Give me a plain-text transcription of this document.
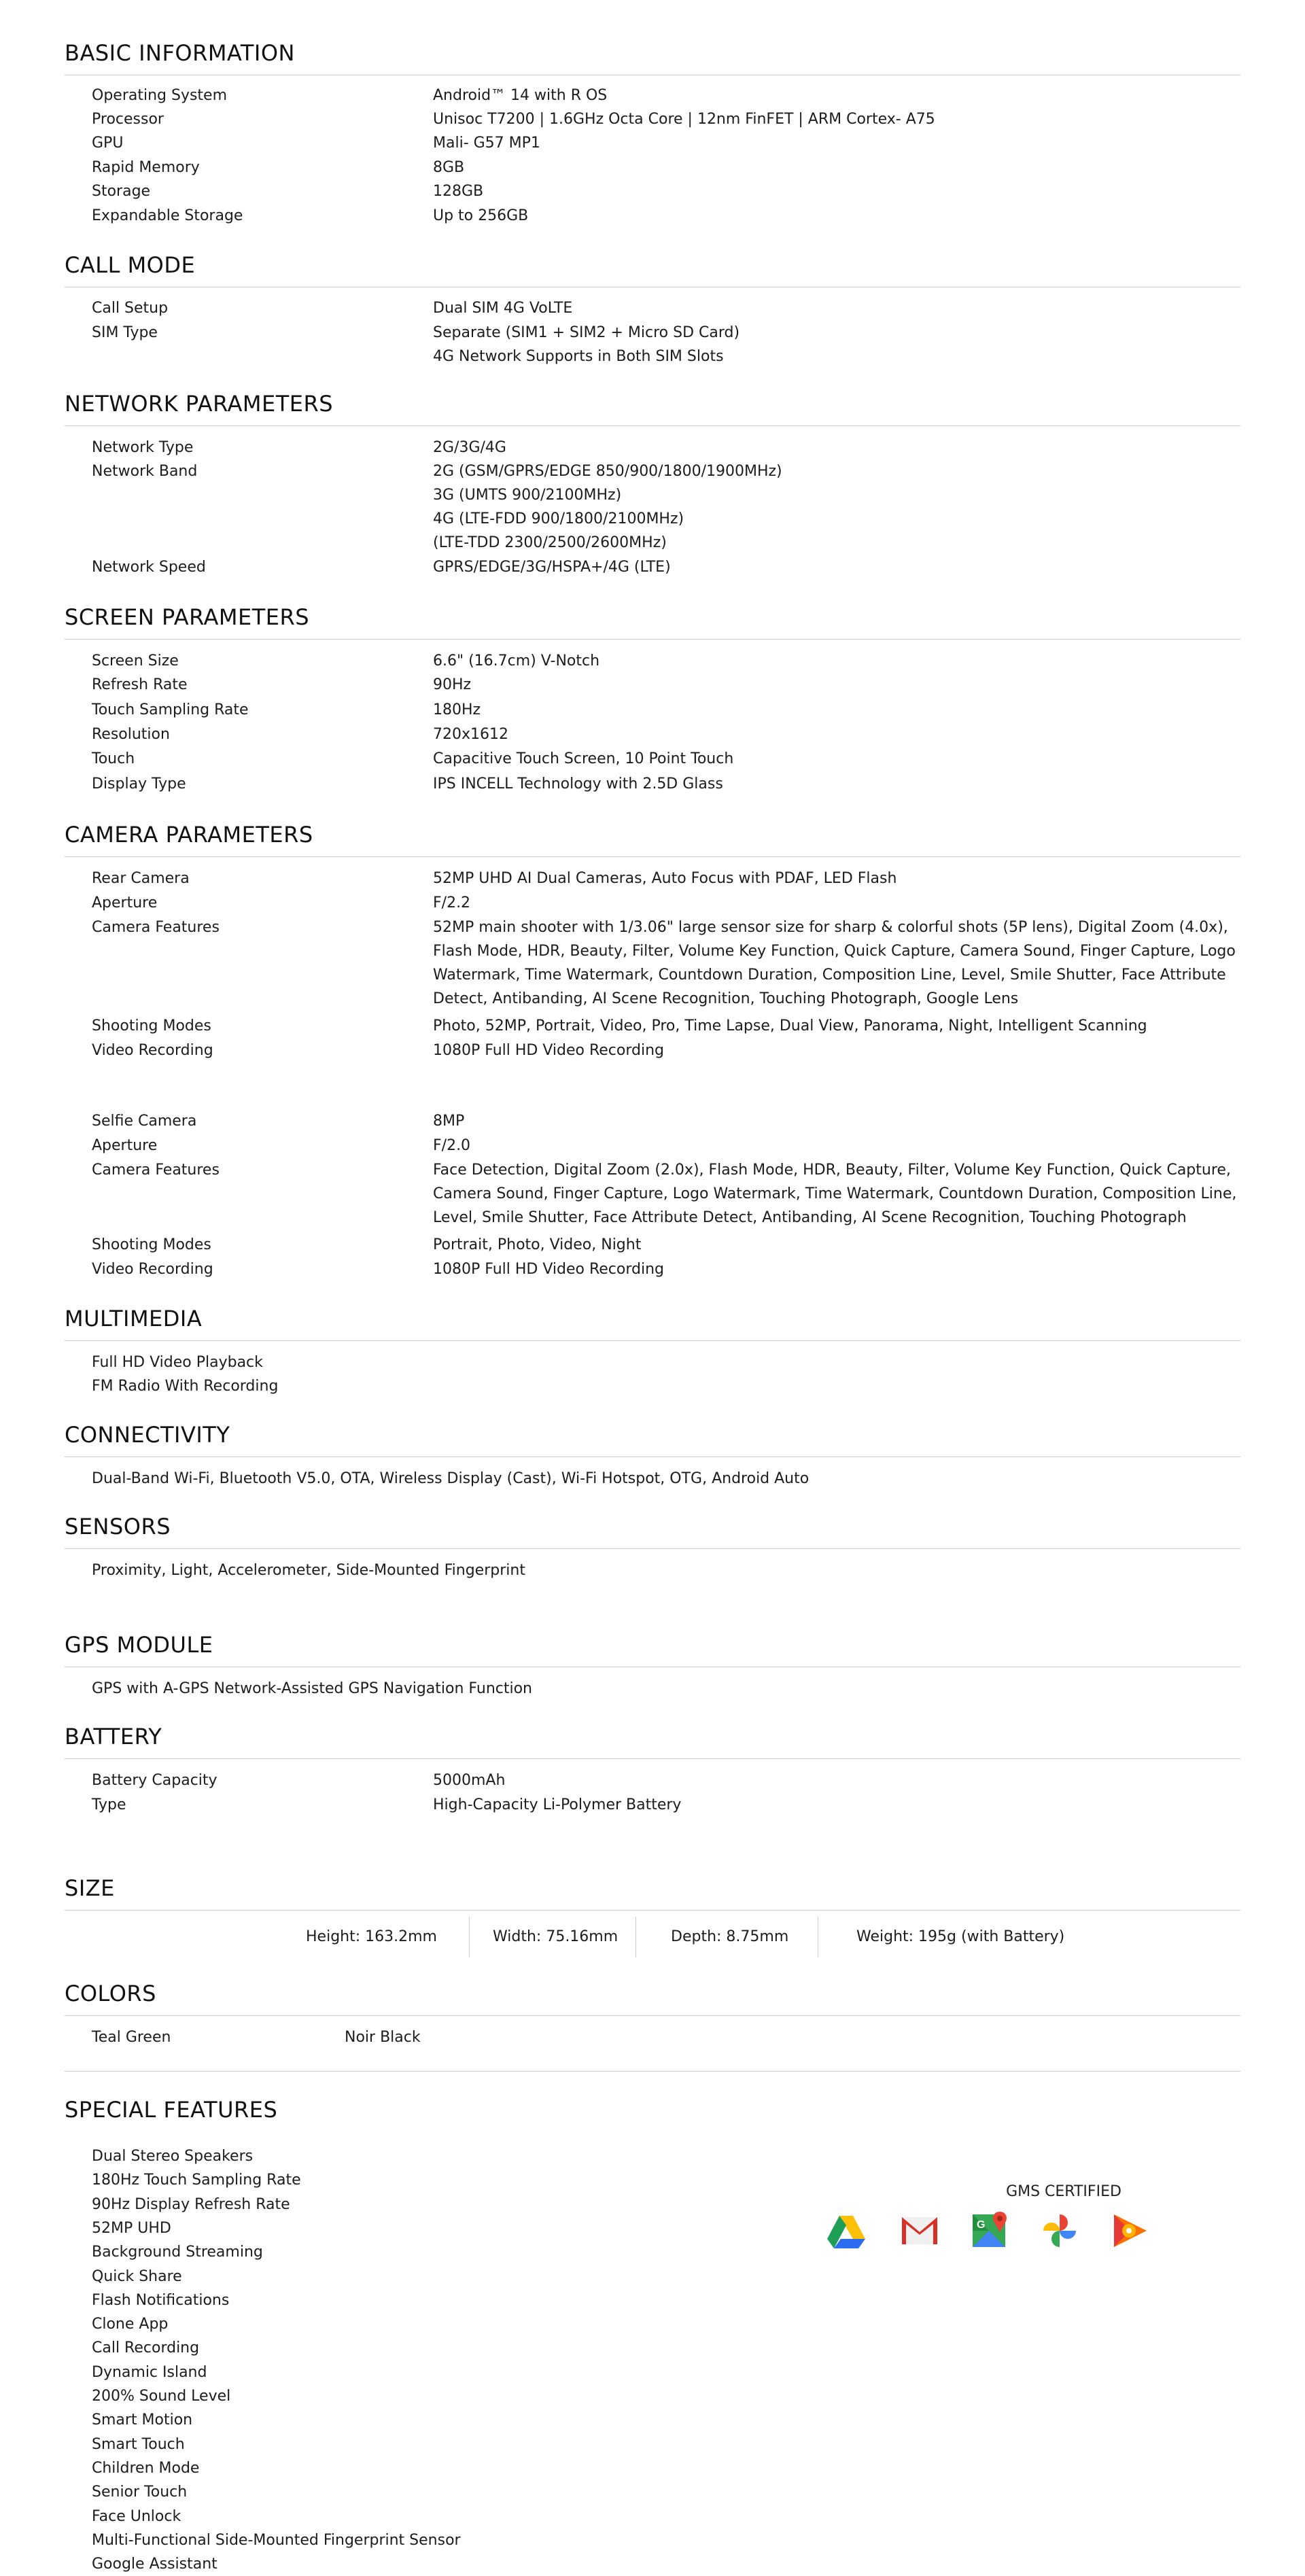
BASIC INFORMATION
Operating System	Android™ 14 with R OS
Processor	Unisoc T7200 | 1.6GHz Octa Core | 12nm FinFET | ARM Cortex- A75
GPU	Mali- G57 MP1
Rapid Memory	8GB
Storage	128GB
Expandable Storage	Up to 256GB
CALL MODE
Call Setup	Dual SIM 4G VoLTE
SIM Type	Separate (SIM1 + SIM2 + Micro SD Card)
4G Network Supports in Both SIM Slots
NETWORK PARAMETERS
Network Type	2G/3G/4G
Network Band	2G (GSM/GPRS/EDGE 850/900/1800/1900MHz)
3G (UMTS 900/2100MHz)
4G (LTE-FDD 900/1800/2100MHz)
(LTE-TDD 2300/2500/2600MHz)
Network Speed	GPRS/EDGE/3G/HSPA+/4G (LTE)
SCREEN PARAMETERS
Screen Size	6.6" (16.7cm) V-Notch
Refresh Rate	90Hz
Touch Sampling Rate	180Hz
Resolution	720x1612
Touch	Capacitive Touch Screen, 10 Point Touch
Display Type	IPS INCELL Technology with 2.5D Glass
CAMERA PARAMETERS
Rear Camera	52MP UHD AI Dual Cameras, Auto Focus with PDAF, LED Flash
Aperture	F/2.2
Camera Features	52MP main shooter with 1/3.06" large sensor size for sharp & colorful shots (5P lens), Digital Zoom (4.0x), Flash Mode, HDR, Beauty, Filter, Volume Key Function, Quick Capture, Camera Sound, Finger Capture, Logo Watermark, Time Watermark, Countdown Duration, Composition Line, Level, Smile Shutter, Face Attribute Detect, Antibanding, AI Scene Recognition, Touching Photograph, Google Lens
Shooting Modes	Photo, 52MP, Portrait, Video, Pro, Time Lapse, Dual View, Panorama, Night, Intelligent Scanning
Video Recording	1080P Full HD Video Recording
Selfie Camera	8MP
Aperture	F/2.0
Camera Features	Face Detection, Digital Zoom (2.0x), Flash Mode, HDR, Beauty, Filter, Volume Key Function, Quick Capture, Camera Sound, Finger Capture, Logo Watermark, Time Watermark, Countdown Duration, Composition Line, Level, Smile Shutter, Face Attribute Detect, Antibanding, AI Scene Recognition, Touching Photograph
Shooting Modes	Portrait, Photo, Video, Night
Video Recording	1080P Full HD Video Recording
MULTIMEDIA
Full HD Video Playback
FM Radio With Recording
CONNECTIVITY
Dual-Band Wi-Fi, Bluetooth V5.0, OTA, Wireless Display (Cast), Wi-Fi Hotspot, OTG, Android Auto
SENSORS
Proximity, Light, Accelerometer, Side-Mounted Fingerprint
GPS MODULE
GPS with A-GPS Network-Assisted GPS Navigation Function
BATTERY
Battery Capacity	5000mAh
Type	High-Capacity Li-Polymer Battery
SIZE
Height: 163.2mm	Width: 75.16mm	Depth: 8.75mm	Weight: 195g (with Battery)
COLORS
Teal Green	Noir Black
SPECIAL FEATURES
Dual Stereo Speakers
180Hz Touch Sampling Rate
90Hz Display Refresh Rate
52MP UHD
Background Streaming
Quick Share
Flash Notifications
Clone App
Call Recording
Dynamic Island
200% Sound Level
Smart Motion
Smart Touch
Children Mode
Senior Touch
Face Unlock
Multi-Functional Side-Mounted Fingerprint Sensor
Google Assistant
GMS CERTIFIED
G
